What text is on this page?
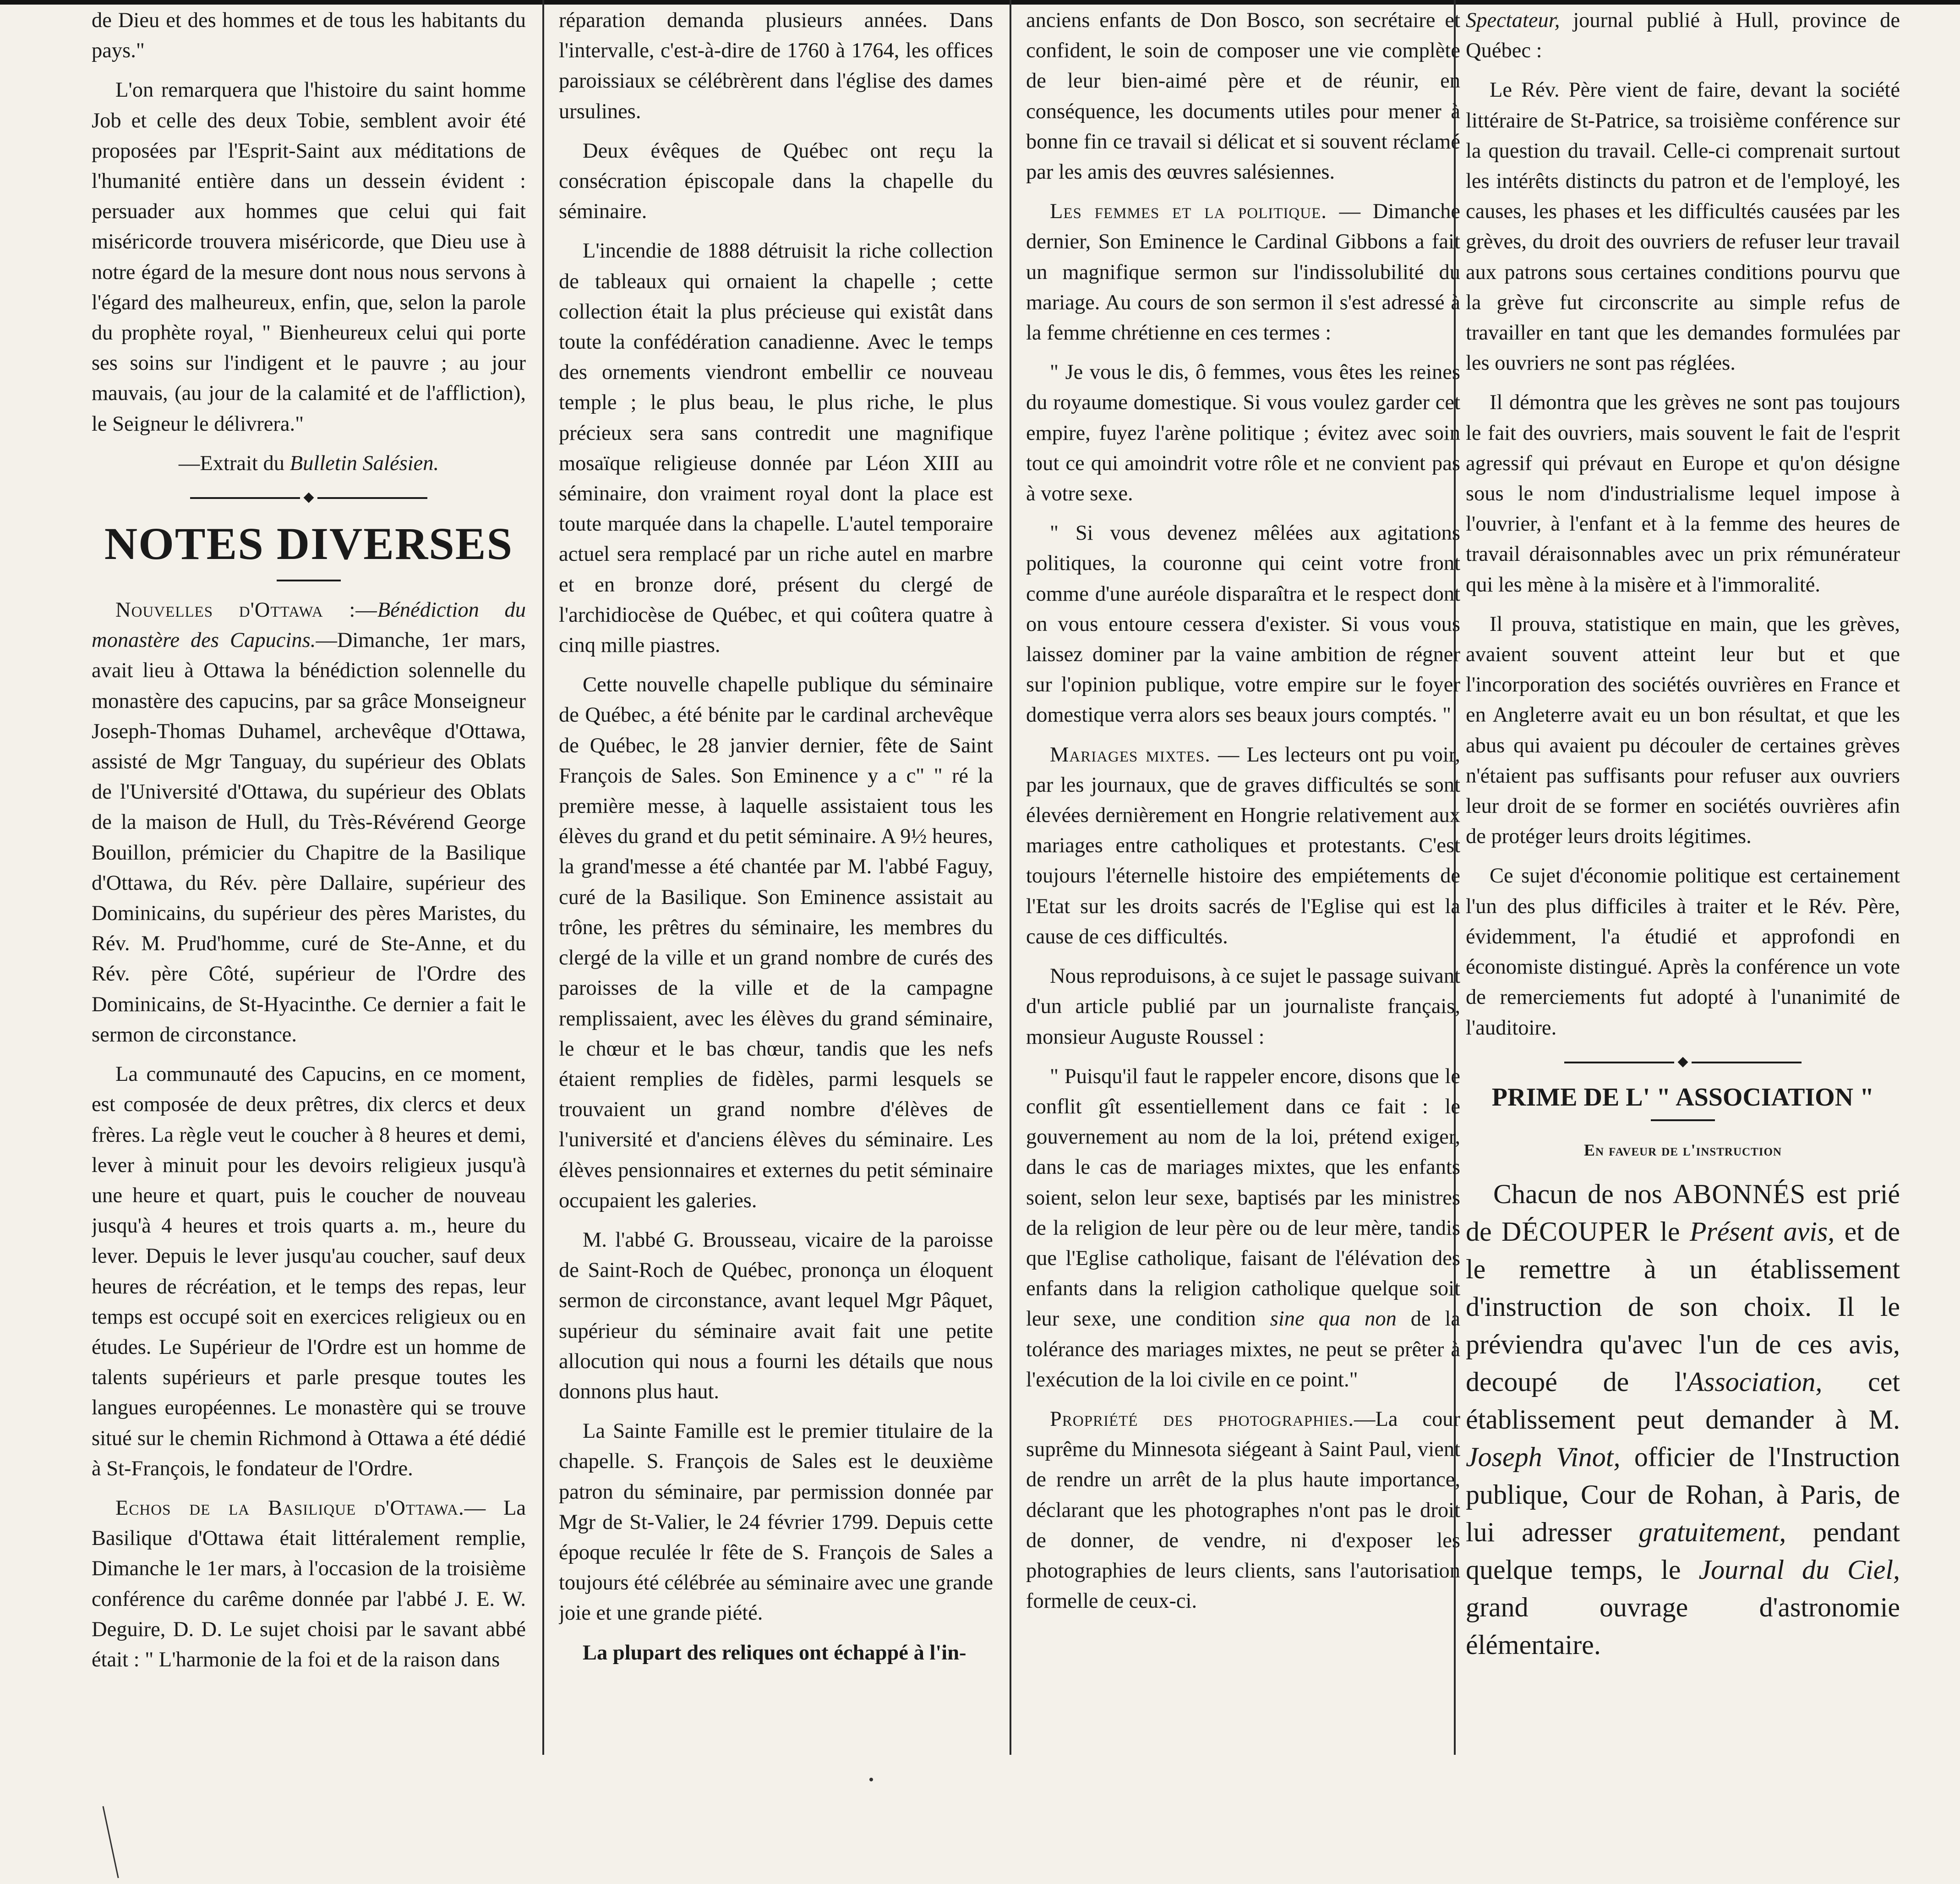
de Dieu et des hommes et de tous les habitants du pays."

L'on remarquera que l'histoire du saint homme Job et celle des deux Tobie, semblent avoir été proposées par l'Esprit-Saint aux méditations de l'humanité entière dans un dessein évident : persuader aux hommes que celui qui fait miséricorde trouvera miséricorde, que Dieu use à notre égard de la mesure dont nous nous servons à l'égard des malheureux, enfin, que, selon la parole du prophète royal, " Bienheureux celui qui porte ses soins sur l'indigent et le pauvre ; au jour mauvais, (au jour de la calamité et de l'affliction), le Seigneur le délivrera."

—Extrait du Bulletin Salésien.

◆
NOTES DIVERSES

Nouvelles d'Ottawa :—Bénédiction du monastère des Capucins.—Dimanche, 1er mars, avait lieu à Ottawa la bénédiction solennelle du monastère des capucins, par sa grâce Monseigneur Joseph-Thomas Duhamel, archevêque d'Ottawa, assisté de Mgr Tanguay, du supérieur des Oblats de l'Université d'Ottawa, du supérieur des Oblats de la maison de Hull, du Très-Révérend George Bouillon, prémicier du Chapitre de la Basilique d'Ottawa, du Rév. père Dallaire, supérieur des Dominicains, du supérieur des pères Maristes, du Rév. M. Prud'homme, curé de Ste-Anne, et du Rév. père Côté, supérieur de l'Ordre des Dominicains, de St-Hyacinthe. Ce dernier a fait le sermon de circonstance.

La communauté des Capucins, en ce moment, est composée de deux prêtres, dix clercs et deux frères. La règle veut le coucher à 8 heures et demi, lever à minuit pour les devoirs religieux jusqu'à une heure et quart, puis le coucher de nouveau jusqu'à 4 heures et trois quarts a. m., heure du lever. Depuis le lever jusqu'au coucher, sauf deux heures de récréation, et le temps des repas, leur temps est occupé soit en exercices religieux ou en études. Le Supérieur de l'Ordre est un homme de talents supérieurs et parle presque toutes les langues européennes. Le monastère qui se trouve situé sur le chemin Richmond à Ottawa a été dédié à St-François, le fondateur de l'Ordre.

Echos de la Basilique d'Ottawa.— La Basilique d'Ottawa était littéralement remplie, Dimanche le 1er mars, à l'occasion de la troisième conférence du carême donnée par l'abbé J. E. W. Deguire, D. D. Le sujet choisi par le savant abbé était : " L'harmonie de la foi et de la raison dans

réparation demanda plusieurs années. Dans l'intervalle, c'est-à-dire de 1760 à 1764, les offices paroissiaux se célébrèrent dans l'église des dames ursulines.

Deux évêques de Québec ont reçu la consécration épiscopale dans la chapelle du séminaire.

L'incendie de 1888 détruisit la riche collection de tableaux qui ornaient la chapelle ; cette collection était la plus précieuse qui existât dans toute la confédération canadienne. Avec le temps des ornements viendront embellir ce nouveau temple ; le plus beau, le plus riche, le plus précieux sera sans contredit une magnifique mosaïque religieuse donnée par Léon XIII au séminaire, don vraiment royal dont la place est toute marquée dans la chapelle. L'autel temporaire actuel sera remplacé par un riche autel en marbre et en bronze doré, présent du clergé de l'archidiocèse de Québec, et qui coûtera quatre à cinq mille piastres.

Cette nouvelle chapelle publique du séminaire de Québec, a été bénite par le cardinal archevêque de Québec, le 28 janvier dernier, fête de Saint François de Sales. Son Eminence y a c" " ré la première messe, à laquelle assistaient tous les élèves du grand et du petit séminaire. A 9½ heures, la grand'messe a été chantée par M. l'abbé Faguy, curé de la Basilique. Son Eminence assistait au trône, les prêtres du séminaire, les membres du clergé de la ville et un grand nombre de curés des paroisses de la ville et de la campagne remplissaient, avec les élèves du grand séminaire, le chœur et le bas chœur, tandis que les nefs étaient remplies de fidèles, parmi lesquels se trouvaient un grand nombre d'élèves de l'université et d'anciens élèves du séminaire. Les élèves pensionnaires et externes du petit séminaire occupaient les galeries.

M. l'abbé G. Brousseau, vicaire de la paroisse de Saint-Roch de Québec, prononça un éloquent sermon de circonstance, avant lequel Mgr Pâquet, supérieur du séminaire avait fait une petite allocution qui nous a fourni les détails que nous donnons plus haut.

La Sainte Famille est le premier titulaire de la chapelle. S. François de Sales est le deuxième patron du séminaire, par permission donnée par Mgr de St-Valier, le 24 février 1799. Depuis cette époque reculée lr fête de S. François de Sales a toujours été célébrée au séminaire avec une grande joie et une grande piété.

La plupart des reliques ont échappé à l'in-

anciens enfants de Don Bosco, son secrétaire et confident, le soin de composer une vie complète de leur bien-aimé père et de réunir, en conséquence, les documents utiles pour mener à bonne fin ce travail si délicat et si souvent réclamé par les amis des œuvres salésiennes.

Les femmes et la politique. — Dimanche dernier, Son Eminence le Cardinal Gibbons a fait un magnifique sermon sur l'indissolubilité du mariage. Au cours de son sermon il s'est adressé à la femme chrétienne en ces termes :

" Je vous le dis, ô femmes, vous êtes les reines du royaume domestique. Si vous voulez garder cet empire, fuyez l'arène politique ; évitez avec soin tout ce qui amoindrit votre rôle et ne convient pas à votre sexe.

" Si vous devenez mêlées aux agitations politiques, la couronne qui ceint votre front comme d'une auréole disparaîtra et le respect dont on vous entoure cessera d'exister. Si vous vous laissez dominer par la vaine ambition de régner sur l'opinion publique, votre empire sur le foyer domestique verra alors ses beaux jours comptés. "

Mariages mixtes. — Les lecteurs ont pu voir, par les journaux, que de graves difficultés se sont élevées dernièrement en Hongrie relativement aux mariages entre catholiques et protestants. C'est toujours l'éternelle histoire des empiétements de l'Etat sur les droits sacrés de l'Eglise qui est la cause de ces difficultés.

Nous reproduisons, à ce sujet le passage suivant d'un article publié par un journaliste français, monsieur Auguste Roussel :

" Puisqu'il faut le rappeler encore, disons que le conflit gît essentiellement dans ce fait : le gouvernement au nom de la loi, prétend exiger, dans le cas de mariages mixtes, que les enfants soient, selon leur sexe, baptisés par les ministres de la religion de leur père ou de leur mère, tandis que l'Eglise catholique, faisant de l'élévation des enfants dans la religion catholique quelque soit leur sexe, une condition sine qua non de la tolérance des mariages mixtes, ne peut se prêter à l'exécution de la loi civile en ce point."

Propriété des photographies.—La cour suprême du Minnesota siégeant à Saint Paul, vient de rendre un arrêt de la plus haute importance, déclarant que les photographes n'ont pas le droit de donner, de vendre, ni d'exposer les photographies de leurs clients, sans l'autorisation formelle de ceux-ci.

Spectateur, journal publié à Hull, province de Québec :

Le Rév. Père vient de faire, devant la société littéraire de St-Patrice, sa troisième conférence sur la question du travail. Celle-ci comprenait surtout les intérêts distincts du patron et de l'employé, les causes, les phases et les difficultés causées par les grèves, du droit des ouvriers de refuser leur travail aux patrons sous certaines conditions pourvu que la grève fut circonscrite au simple refus de travailler en tant que les demandes formulées par les ouvriers ne sont pas réglées.

Il démontra que les grèves ne sont pas toujours le fait des ouvriers, mais souvent le fait de l'esprit agressif qui prévaut en Europe et qu'on désigne sous le nom d'industrialisme lequel impose à l'ouvrier, à l'enfant et à la femme des heures de travail déraisonnables avec un prix rémunérateur qui les mène à la misère et à l'immoralité.

Il prouva, statistique en main, que les grèves, avaient souvent atteint leur but et que l'incorporation des sociétés ouvrières en France et en Angleterre avait eu un bon résultat, et que les abus qui avaient pu découler de certaines grèves n'étaient pas suffisants pour refuser aux ouvriers leur droit de se former en sociétés ouvrières afin de protéger leurs droits légitimes.

Ce sujet d'économie politique est certainement l'un des plus difficiles à traiter et le Rév. Père, évidemment, l'a étudié et approfondi en économiste distingué. Après la conférence un vote de remerciements fut adopté à l'unanimité de l'auditoire.

◆
PRIME DE L' " ASSOCIATION "
En faveur de l'instruction

Chacun de nos ABONNÉS est prié de DÉCOUPER le Présent avis, et de le remettre à un établissement d'instruction de son choix. Il le préviendra qu'avec l'un de ces avis, decoupé de l'Association, cet établissement peut demander à M. Joseph Vinot, officier de l'Instruction publique, Cour de Rohan, à Paris, de lui adresser gratuitement, pendant quelque temps, le Journal du Ciel, grand ouvrage d'astronomie élémentaire.
